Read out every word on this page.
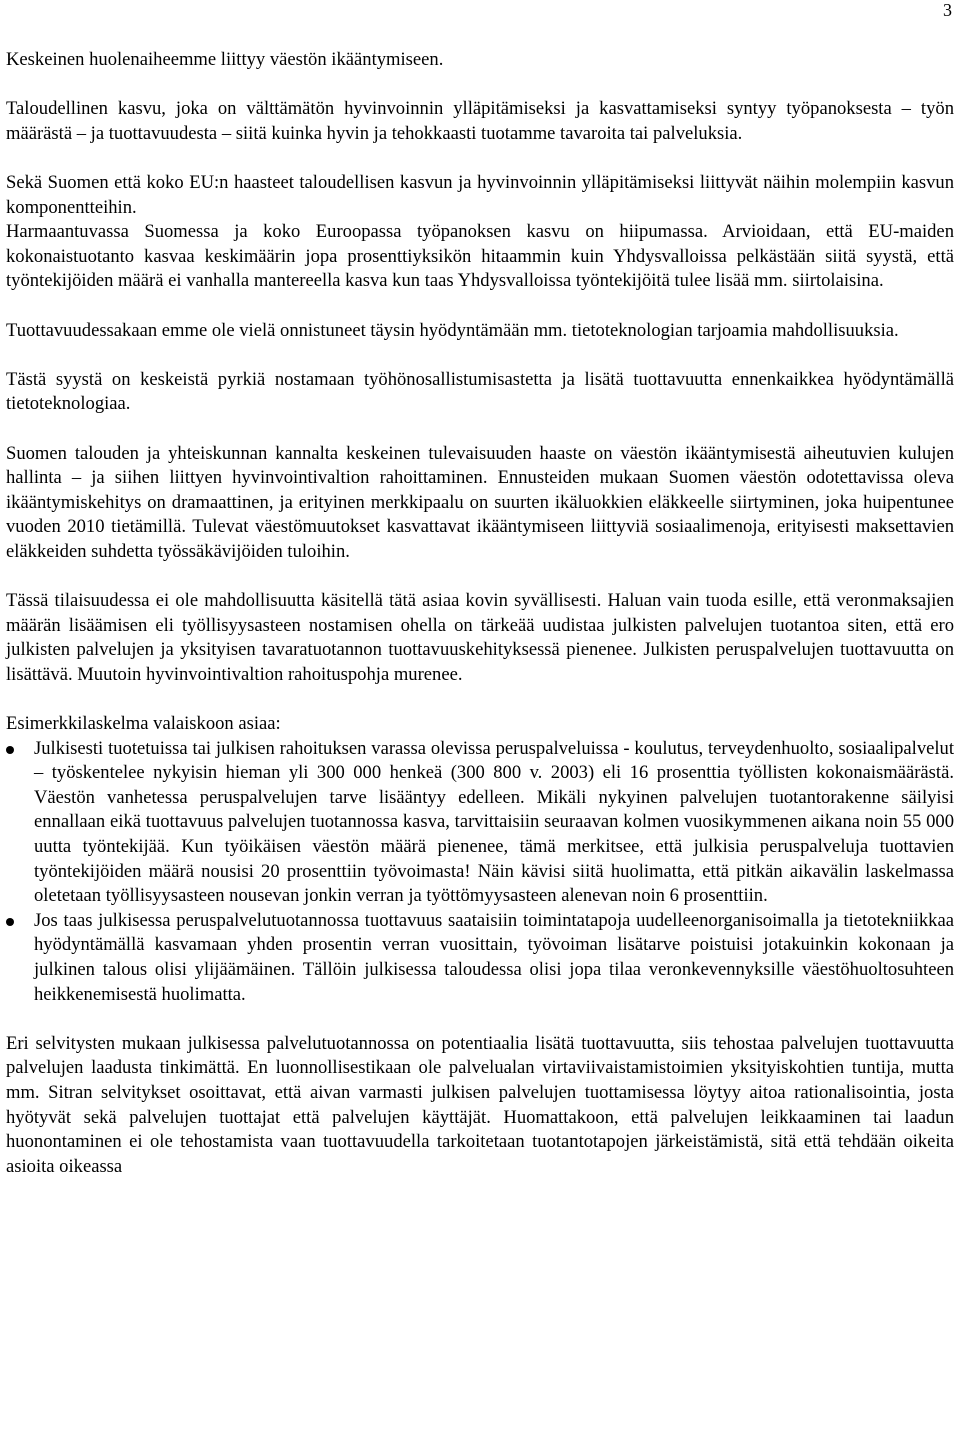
3

Keskeinen huolenaiheemme liittyy väestön ikääntymiseen.

Taloudellinen kasvu, joka on välttämätön hyvinvoinnin ylläpitämiseksi ja kasvattamiseksi syntyy työpanoksesta – työn määrästä – ja tuottavuudesta – siitä kuinka hyvin ja tehokkaasti tuotamme tavaroita tai palveluksia.

Sekä Suomen että koko EU:n haasteet taloudellisen kasvun ja hyvinvoinnin ylläpitämiseksi liittyvät näihin molempiin kasvun komponentteihin.

Harmaantuvassa Suomessa ja koko Euroopassa työpanoksen kasvu on hiipumassa. Arvioidaan, että EU-maiden kokonaistuotanto kasvaa keskimäärin jopa prosenttiyksikön hitaammin kuin Yhdysvalloissa pelkästään siitä syystä, että työntekijöiden määrä ei vanhalla mantereella kasva kun taas Yhdysvalloissa työntekijöitä tulee lisää mm. siirtolaisina.

Tuottavuudessakaan emme ole vielä onnistuneet täysin hyödyntämään mm. tietoteknologian tarjoamia mahdollisuuksia.

Tästä syystä on keskeistä pyrkiä nostamaan työhönosallistumisastetta ja lisätä tuottavuutta ennenkaikkea hyödyntämällä tietoteknologiaa.

Suomen talouden ja yhteiskunnan kannalta keskeinen tulevaisuuden haaste on väestön ikääntymisestä aiheutuvien kulujen hallinta – ja siihen liittyen hyvinvointivaltion rahoittaminen. Ennusteiden mukaan Suomen väestön odotettavissa oleva ikääntymiskehitys on dramaattinen, ja erityinen merkkipaalu on suurten ikäluokkien eläkkeelle siirtyminen, joka huipentunee vuoden 2010 tietämillä. Tulevat väestömuutokset kasvattavat ikääntymiseen liittyviä sosiaalimenoja, erityisesti maksettavien eläkkeiden suhdetta työssäkävijöiden tuloihin.

Tässä tilaisuudessa ei ole mahdollisuutta käsitellä tätä asiaa kovin syvällisesti. Haluan vain tuoda esille, että veronmaksajien määrän lisäämisen eli työllisyysasteen nostamisen ohella on tärkeää uudistaa julkisten palvelujen tuotantoa siten, että ero julkisten palvelujen ja yksityisen tavaratuotannon tuottavuuskehityksessä pienenee. Julkisten peruspalvelujen tuottavuutta on lisättävä. Muutoin hyvinvointivaltion rahoituspohja murenee.

Esimerkkilaskelma valaiskoon asiaa:

Julkisesti tuotetuissa tai julkisen rahoituksen varassa olevissa peruspalveluissa - koulutus, terveydenhuolto, sosiaalipalvelut – työskentelee nykyisin hieman yli 300 000 henkeä (300 800 v. 2003) eli 16 prosenttia työllisten kokonaismäärästä. Väestön vanhetessa peruspalvelujen tarve lisääntyy edelleen. Mikäli nykyinen palvelujen tuotantorakenne säilyisi ennallaan eikä tuottavuus palvelujen tuotannossa kasva, tarvittaisiin seuraavan kolmen vuosikymmenen aikana noin 55 000 uutta työntekijää. Kun työikäisen väestön määrä pienenee, tämä merkitsee, että julkisia peruspalveluja tuottavien työntekijöiden määrä nousisi 20 prosenttiin työvoimasta! Näin kävisi siitä huolimatta, että pitkän aikavälin laskelmassa oletetaan työllisyysasteen nousevan jonkin verran ja työttömyysasteen alenevan noin 6 prosenttiin.
Jos taas julkisessa peruspalvelutuotannossa tuottavuus saataisiin toimintatapoja uudelleenorganisoimalla ja tietotekniikkaa hyödyntämällä kasvamaan yhden prosentin verran vuosittain, työvoiman lisätarve poistuisi jotakuinkin kokonaan ja julkinen talous olisi ylijäämäinen. Tällöin julkisessa taloudessa olisi jopa tilaa veronkevennyksille väestöhuoltosuhteen heikkenemisestä huolimatta.

Eri selvitysten mukaan julkisessa palvelutuotannossa on potentiaalia lisätä tuottavuutta, siis tehostaa palvelujen tuottavuutta palvelujen laadusta tinkimättä. En luonnollisestikaan ole palvelualan virtaviivaistamistoimien yksityiskohtien tuntija, mutta mm. Sitran selvitykset osoittavat, että aivan varmasti julkisen palvelujen tuottamisessa löytyy aitoa rationalisointia, josta hyötyvät sekä palvelujen tuottajat että palvelujen käyttäjät. Huomattakoon, että palvelujen leikkaaminen tai laadun huonontaminen ei ole tehostamista vaan tuottavuudella tarkoitetaan tuotantotapojen järkeistämistä, sitä että tehdään oikeita asioita oikeassa
